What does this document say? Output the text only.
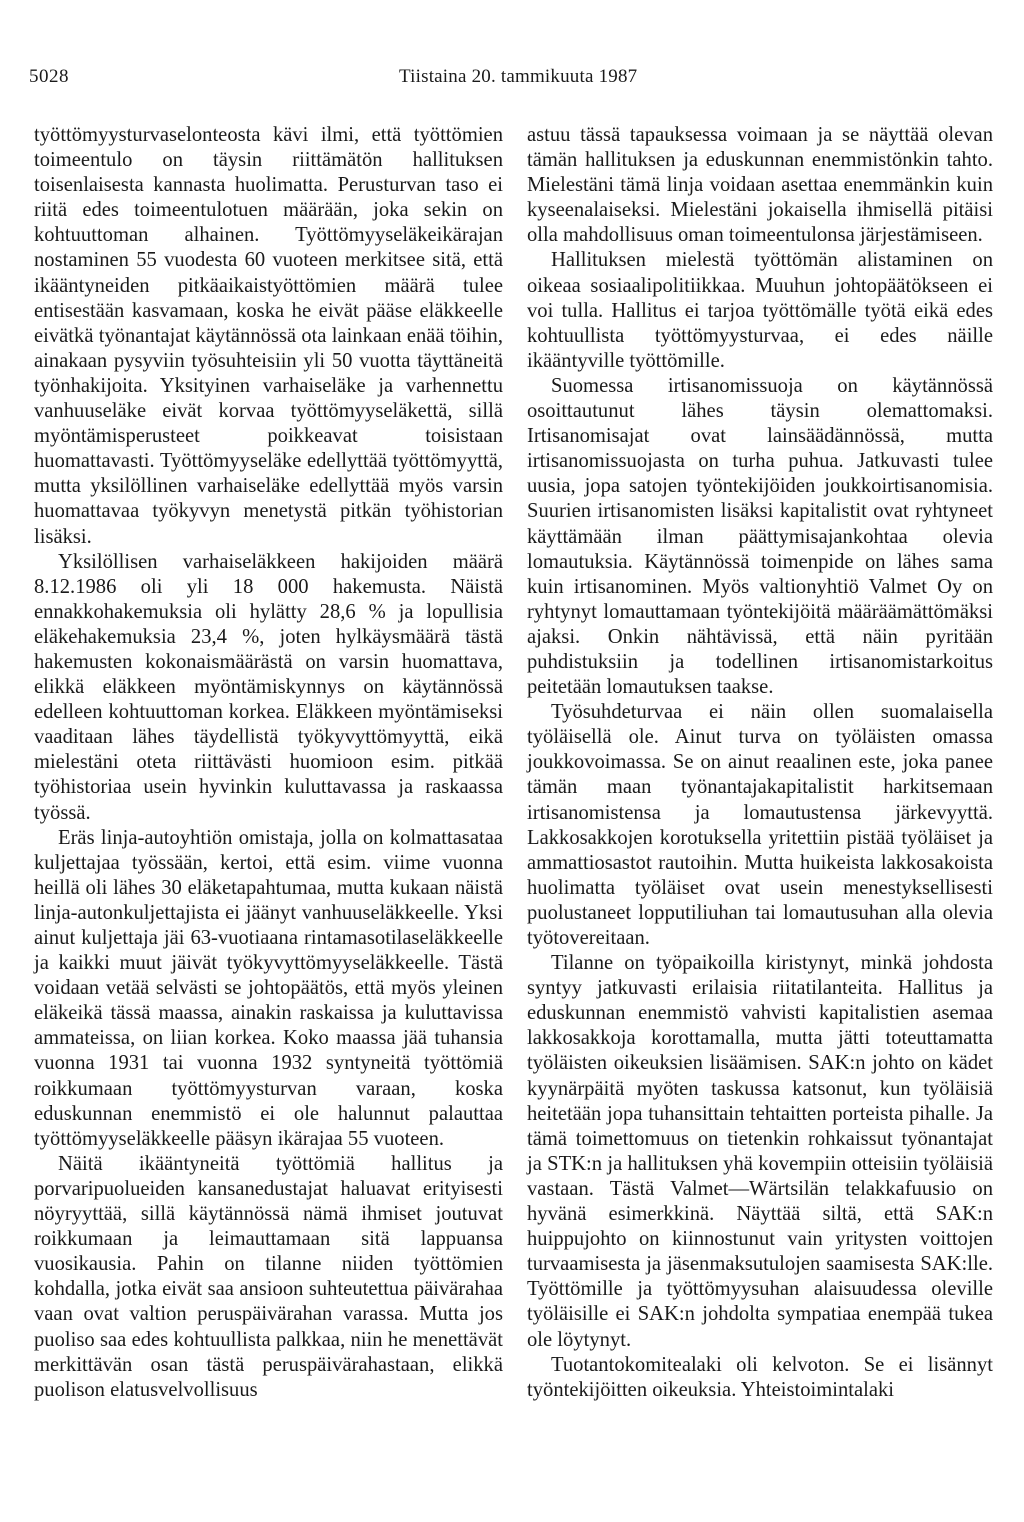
5028	Tiistaina 20. tammikuuta 1987

työttömyysturvaselonteosta kävi ilmi, että työttömien toimeentulo on täysin riittämätön hallituksen toisenlaisesta kannasta huolimatta. Perusturvan taso ei riitä edes toimeentulotuen määrään, joka sekin on kohtuuttoman alhainen. Työttömyyseläkeikärajan nostaminen 55 vuodesta 60 vuoteen merkitsee sitä, että ikääntyneiden pitkäaikaistyöttömien määrä tulee entisestään kasvamaan, koska he eivät pääse eläkkeelle eivätkä työnantajat käytännössä ota lainkaan enää töihin, ainakaan pysyviin työsuhteisiin yli 50 vuotta täyttäneitä työnhakijoita. Yksityinen varhaiseläke ja varhennettu vanhuuseläke eivät korvaa työttömyyseläkettä, sillä myöntämisperusteet poikkeavat toisistaan huomattavasti. Työttömyyseläke edellyttää työttömyyttä, mutta yksilöllinen varhaiseläke edellyttää myös varsin huomattavaa työkyvyn menetystä pitkän työhistorian lisäksi.

Yksilöllisen varhaiseläkkeen hakijoiden määrä 8.12.1986 oli yli 18 000 hakemusta. Näistä ennakkohakemuksia oli hylätty 28,6 % ja lopullisia eläkehakemuksia 23,4 %, joten hylkäysmäärä tästä hakemusten kokonaismäärästä on varsin huomattava, elikkä eläkkeen myöntämiskynnys on käytännössä edelleen kohtuuttoman korkea. Eläkkeen myöntämiseksi vaaditaan lähes täydellistä työkyvyttömyyttä, eikä mielestäni oteta riittävästi huomioon esim. pitkää työhistoriaa usein hyvinkin kuluttavassa ja raskaassa työssä.

Eräs linja-autoyhtiön omistaja, jolla on kolmattasataa kuljettajaa työssään, kertoi, että esim. viime vuonna heillä oli lähes 30 eläketapahtumaa, mutta kukaan näistä linja-autonkuljettajista ei jäänyt vanhuuseläkkeelle. Yksi ainut kuljettaja jäi 63-vuotiaana rintamasotilaseläkkeelle ja kaikki muut jäivät työkyvyttömyyseläkkeelle. Tästä voidaan vetää selvästi se johtopäätös, että myös yleinen eläkeikä tässä maassa, ainakin raskaissa ja kuluttavissa ammateissa, on liian korkea. Koko maassa jää tuhansia vuonna 1931 tai vuonna 1932 syntyneitä työttömiä roikkumaan työttömyysturvan varaan, koska eduskunnan enemmistö ei ole halunnut palauttaa työttömyyseläkkeelle pääsyn ikärajaa 55 vuoteen.

Näitä ikääntyneitä työttömiä hallitus ja porvaripuolueiden kansanedustajat haluavat erityisesti nöyryyttää, sillä käytännössä nämä ihmiset joutuvat roikkumaan ja leimauttamaan sitä lappuansa vuosikausia. Pahin on tilanne niiden työttömien kohdalla, jotka eivät saa ansioon suhteutettua päivärahaa vaan ovat valtion peruspäivärahan varassa. Mutta jos puoliso saa edes kohtuullista palkkaa, niin he menettävät merkittävän osan tästä peruspäivärahastaan, elikkä puolison elatusvelvollisuus

astuu tässä tapauksessa voimaan ja se näyttää olevan tämän hallituksen ja eduskunnan enemmistönkin tahto. Mielestäni tämä linja voidaan asettaa enemmänkin kuin kyseenalaiseksi. Mielestäni jokaisella ihmisellä pitäisi olla mahdollisuus oman toimeentulonsa järjestämiseen.

Hallituksen mielestä työttömän alistaminen on oikeaa sosiaalipolitiikkaa. Muuhun johtopäätökseen ei voi tulla. Hallitus ei tarjoa työttömälle työtä eikä edes kohtuullista työttömyysturvaa, ei edes näille ikääntyville työttömille.

Suomessa irtisanomissuoja on käytännössä osoittautunut lähes täysin olemattomaksi. Irtisanomisajat ovat lainsäädännössä, mutta irtisanomissuojasta on turha puhua. Jatkuvasti tulee uusia, jopa satojen työntekijöiden joukkoirtisanomisia. Suurien irtisanomisten lisäksi kapitalistit ovat ryhtyneet käyttämään ilman päättymisajankohtaa olevia lomautuksia. Käytännössä toimenpide on lähes sama kuin irtisanominen. Myös valtionyhtiö Valmet Oy on ryhtynyt lomauttamaan työntekijöitä määräämättömäksi ajaksi. Onkin nähtävissä, että näin pyritään puhdistuksiin ja todellinen irtisanomistarkoitus peitetään lomautuksen taakse.

Työsuhdeturvaa ei näin ollen suomalaisella työläisellä ole. Ainut turva on työläisten omassa joukkovoimassa. Se on ainut reaalinen este, joka panee tämän maan työnantajakapitalistit harkitsemaan irtisanomistensa ja lomautustensa järkevyyttä. Lakkosakkojen korotuksella yritettiin pistää työläiset ja ammattiosastot rautoihin. Mutta huikeista lakkosakoista huolimatta työläiset ovat usein menestyksellisesti puolustaneet lopputiliuhan tai lomautusuhan alla olevia työtovereitaan.

Tilanne on työpaikoilla kiristynyt, minkä johdosta syntyy jatkuvasti erilaisia riitatilanteita. Hallitus ja eduskunnan enemmistö vahvisti kapitalistien asemaa lakkosakkoja korottamalla, mutta jätti toteuttamatta työläisten oikeuksien lisäämisen. SAK:n johto on kädet kyynärpäitä myöten taskussa katsonut, kun työläisiä heitetään jopa tuhansittain tehtaitten porteista pihalle. Ja tämä toimettomuus on tietenkin rohkaissut työnantajat ja STK:n ja hallituksen yhä kovempiin otteisiin työläisiä vastaan. Tästä Valmet—Wärtsilän telakkafuusio on hyvänä esimerkkinä. Näyttää siltä, että SAK:n huippujohto on kiinnostunut vain yritysten voittojen turvaamisesta ja jäsenmaksutulojen saamisesta SAK:lle. Työttömille ja työttömyysuhan alaisuudessa oleville työläisille ei SAK:n johdolta sympatiaa enempää tukea ole löytynyt.

Tuotantokomitealaki oli kelvoton. Se ei lisännyt työntekijöitten oikeuksia. Yhteistoimintalaki
